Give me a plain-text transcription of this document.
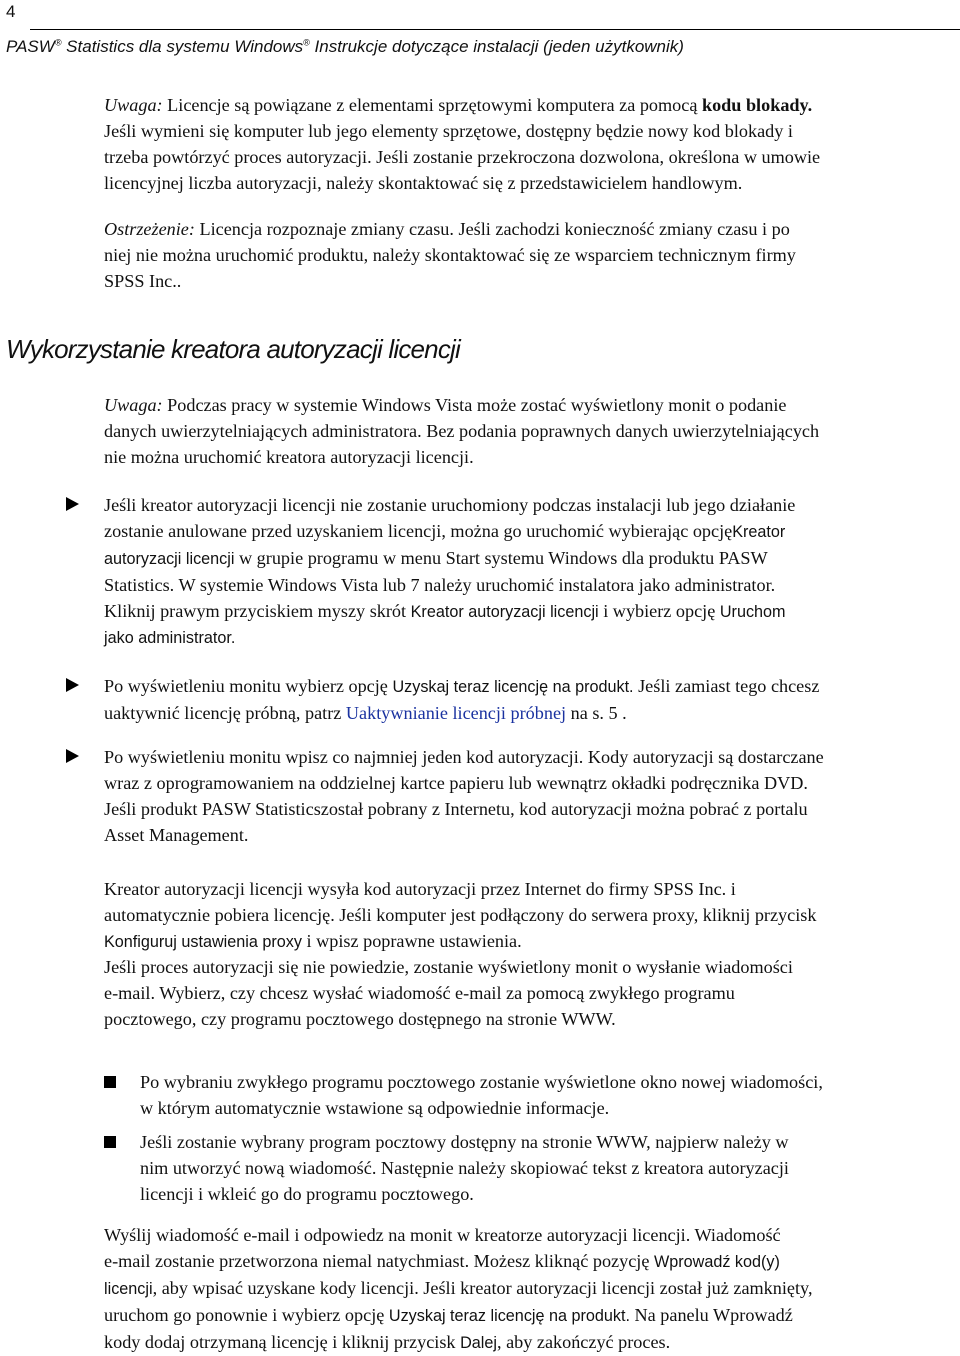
4
PASW® Statistics dla systemu Windows® Instrukcje dotyczące instalacji (jeden użytkownik)
Uwaga: Licencje są powiązane z elementami sprzętowymi komputera za pomocą kodu blokady.
Jeśli wymieni się komputer lub jego elementy sprzętowe, dostępny będzie nowy kod blokady i
trzeba powtórzyć proces autoryzacji. Jeśli zostanie przekroczona dozwolona, określona w umowie
licencyjnej liczba autoryzacji, należy skontaktować się z przedstawicielem handlowym.
Ostrzeżenie: Licencja rozpoznaje zmiany czasu. Jeśli zachodzi konieczność zmiany czasu i po
niej nie można uruchomić produktu, należy skontaktować się ze wsparciem technicznym firmy
SPSS Inc..
Wykorzystanie kreatora autoryzacji licencji
Uwaga: Podczas pracy w systemie Windows Vista może zostać wyświetlony monit o podanie
danych uwierzytelniających administratora. Bez podania poprawnych danych uwierzytelniających
nie można uruchomić kreatora autoryzacji licencji.
Jeśli kreator autoryzacji licencji nie zostanie uruchomiony podczas instalacji lub jego działanie
zostanie anulowane przed uzyskaniem licencji, można go uruchomić wybierając opcjęKreator
autoryzacji licencji w grupie programu w menu Start systemu Windows dla produktu PASW
Statistics. W systemie Windows Vista lub 7 należy uruchomić instalatora jako administrator.
Kliknij prawym przyciskiem myszy skrót Kreator autoryzacji licencji i wybierz opcję Uruchom
jako administrator.
Po wyświetleniu monitu wybierz opcję Uzyskaj teraz licencję na produkt. Jeśli zamiast tego chcesz
uaktywnić licencję próbną, patrz Uaktywnianie licencji próbnej na s. 5 .
Po wyświetleniu monitu wpisz co najmniej jeden kod autoryzacji. Kody autoryzacji są dostarczane
wraz z oprogramowaniem na oddzielnej kartce papieru lub wewnątrz okładki podręcznika DVD.
Jeśli produkt PASW Statisticszostał pobrany z Internetu, kod autoryzacji można pobrać z portalu
Asset Management.
Kreator autoryzacji licencji wysyła kod autoryzacji przez Internet do firmy SPSS Inc. i
automatycznie pobiera licencję. Jeśli komputer jest podłączony do serwera proxy, kliknij przycisk
Konfiguruj ustawienia proxy i wpisz poprawne ustawienia.
Jeśli proces autoryzacji się nie powiedzie, zostanie wyświetlony monit o wysłanie wiadomości
e-mail. Wybierz, czy chcesz wysłać wiadomość e-mail za pomocą zwykłego programu
pocztowego, czy programu pocztowego dostępnego na stronie WWW.
Po wybraniu zwykłego programu pocztowego zostanie wyświetlone okno nowej wiadomości,
w którym automatycznie wstawione są odpowiednie informacje.
Jeśli zostanie wybrany program pocztowy dostępny na stronie WWW, najpierw należy w
nim utworzyć nową wiadomość. Następnie należy skopiować tekst z kreatora autoryzacji
licencji i wkleić go do programu pocztowego.
Wyślij wiadomość e-mail i odpowiedz na monit w kreatorze autoryzacji licencji. Wiadomość
e-mail zostanie przetworzona niemal natychmiast. Możesz kliknąć pozycję Wprowadź kod(y)
licencji, aby wpisać uzyskane kody licencji. Jeśli kreator autoryzacji licencji został już zamknięty,
uruchom go ponownie i wybierz opcję Uzyskaj teraz licencję na produkt. Na panelu Wprowadź
kody dodaj otrzymaną licencję i kliknij przycisk Dalej, aby zakończyć proces.
